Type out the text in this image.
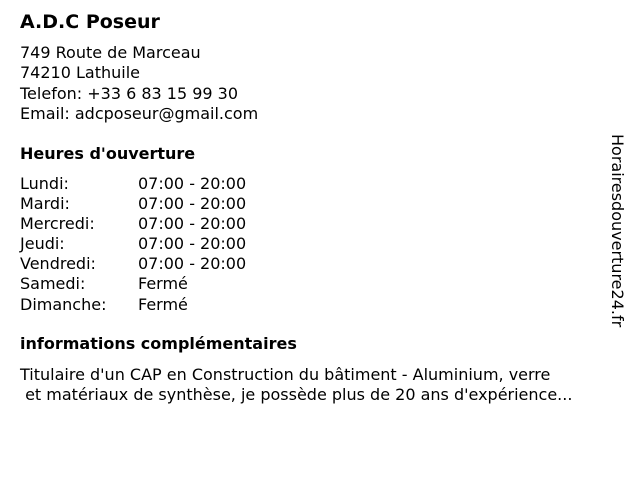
A.D.C Poseur
749 Route de Marceau
74210 Lathuile
Telefon: +33 6 83 15 99 30
Email: adcposeur@gmail.com
Heures d'ouverture
Lundi:	07:00 - 20:00
Mardi:	07:00 - 20:00
Mercredi:	07:00 - 20:00
Jeudi:	07:00 - 20:00
Vendredi:	07:00 - 20:00
Samedi:	Fermé
Dimanche: Fermé
informations complémentaires
Titulaire d'un CAP en Construction du bâtiment - Aluminium, verre
et matériaux de synthèse, je possède plus de 20 ans d'expérience...
Horairesdouverture24.fr
